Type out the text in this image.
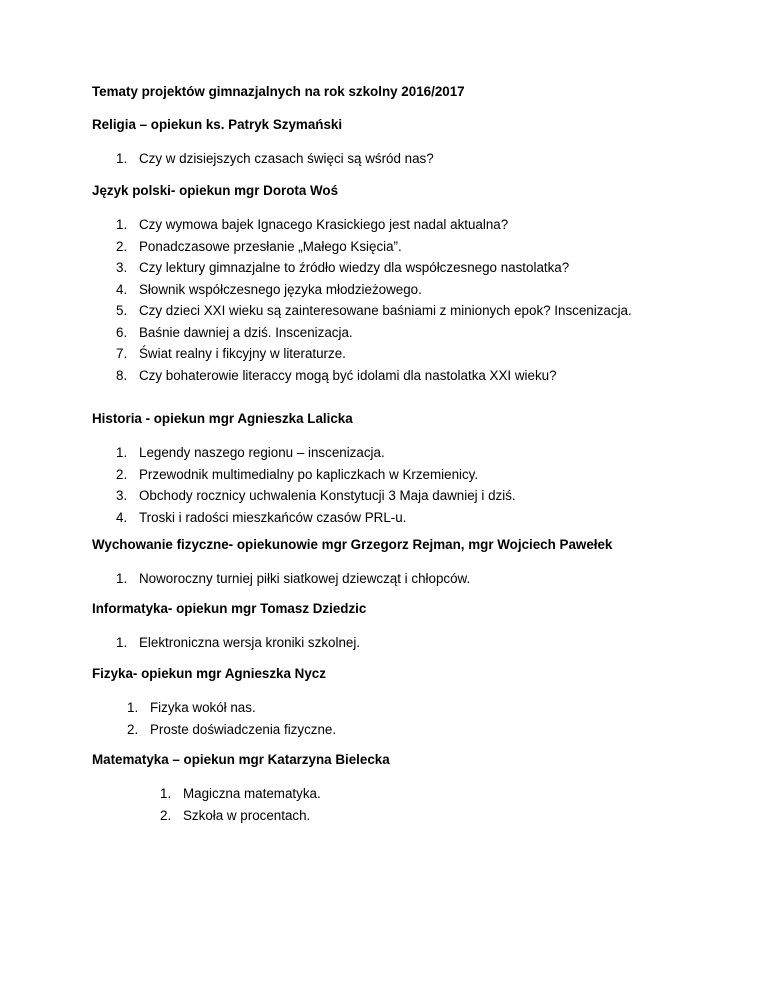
Tematy projektów gimnazjalnych na rok szkolny 2016/2017
Religia – opiekun ks. Patryk Szymański
1. Czy w dzisiejszych czasach święci są wśród nas?
Język polski- opiekun mgr Dorota Woś
1. Czy wymowa bajek Ignacego Krasickiego jest nadal aktualna?
2. Ponadczasowe przesłanie „Małego Księcia”.
3. Czy lektury gimnazjalne to źródło wiedzy dla współczesnego nastolatka?
4. Słownik współczesnego języka młodzieżowego.
5. Czy dzieci XXI wieku są zainteresowane baśniami z minionych epok? Inscenizacja.
6. Baśnie dawniej a dziś. Inscenizacja.
7. Świat realny i fikcyjny w literaturze.
8. Czy bohaterowie literaccy mogą być idolami dla nastolatka XXI wieku?
Historia - opiekun mgr Agnieszka Lalicka
1. Legendy naszego regionu – inscenizacja.
2. Przewodnik multimedialny po kapliczkach w Krzemienicy.
3. Obchody rocznicy uchwalenia Konstytucji 3 Maja dawniej i dziś.
4. Troski i radości mieszkańców czasów PRL-u.
Wychowanie fizyczne- opiekunowie mgr Grzegorz Rejman, mgr Wojciech Pawełek
1. Noworoczny turniej piłki siatkowej dziewcząt i chłopców.
Informatyka- opiekun mgr Tomasz Dziedzic
1. Elektroniczna wersja kroniki szkolnej.
Fizyka- opiekun mgr Agnieszka Nycz
1. Fizyka wokół nas.
2. Proste doświadczenia fizyczne.
Matematyka – opiekun mgr Katarzyna Bielecka
1. Magiczna matematyka.
2. Szkoła w procentach.
